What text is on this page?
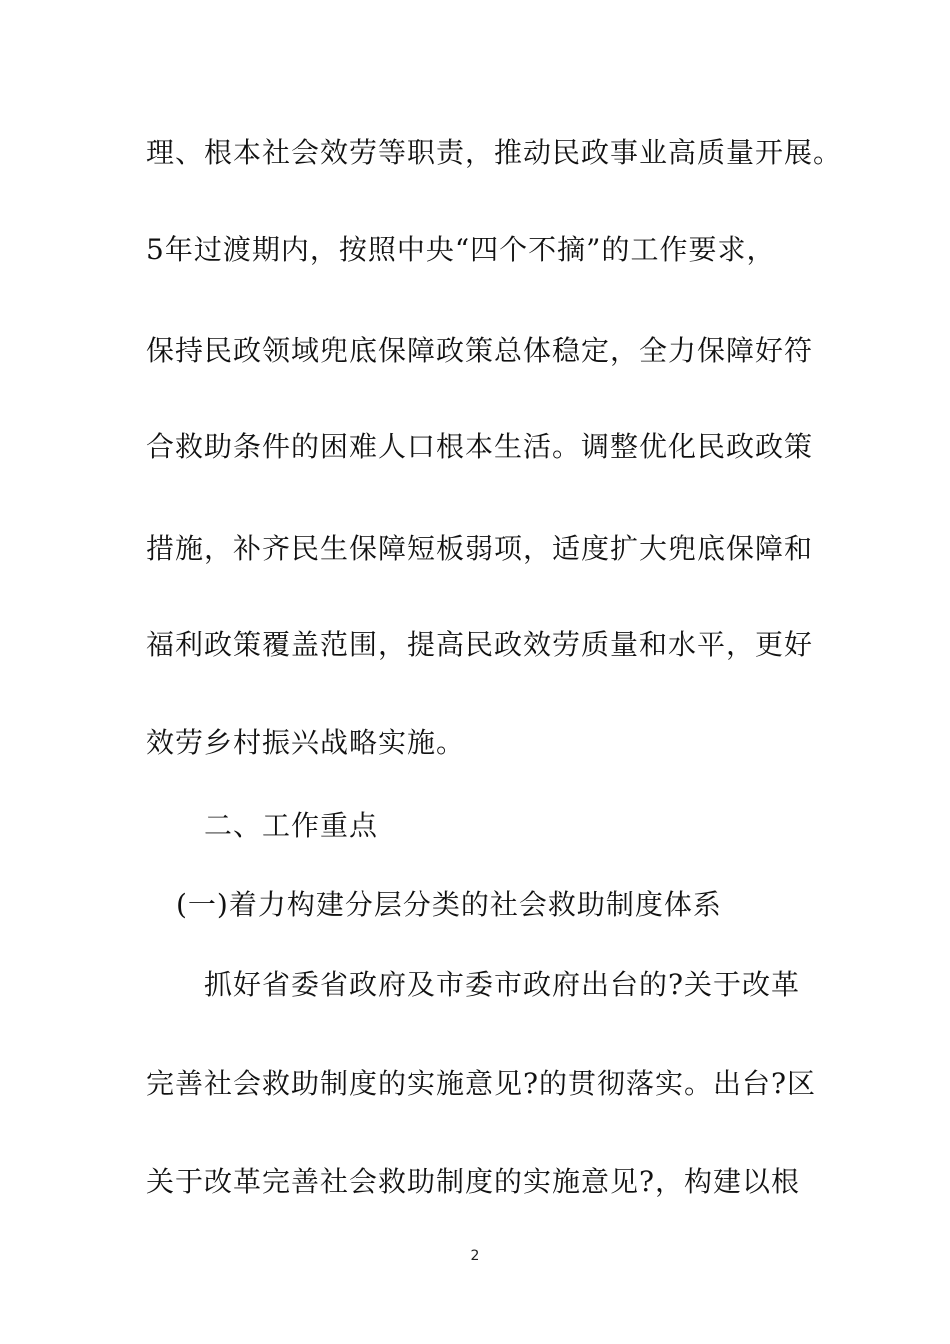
理、根本社会效劳等职责，推动民政事业高质量开展。
5年过渡期内，按照中央“四个不摘”的工作要求，
保持民政领域兜底保障政策总体稳定，全力保障好符
合救助条件的困难人口根本生活。调整优化民政政策
措施，补齐民生保障短板弱项，适度扩大兜底保障和
福利政策覆盖范围，提高民政效劳质量和水平，更好
效劳乡村振兴战略实施。
二、工作重点
(一)着力构建分层分类的社会救助制度体系
抓好省委省政府及市委市政府出台的?关于改革
完善社会救助制度的实施意见?的贯彻落实。出台?区
关于改革完善社会救助制度的实施意见?，构建以根
2
